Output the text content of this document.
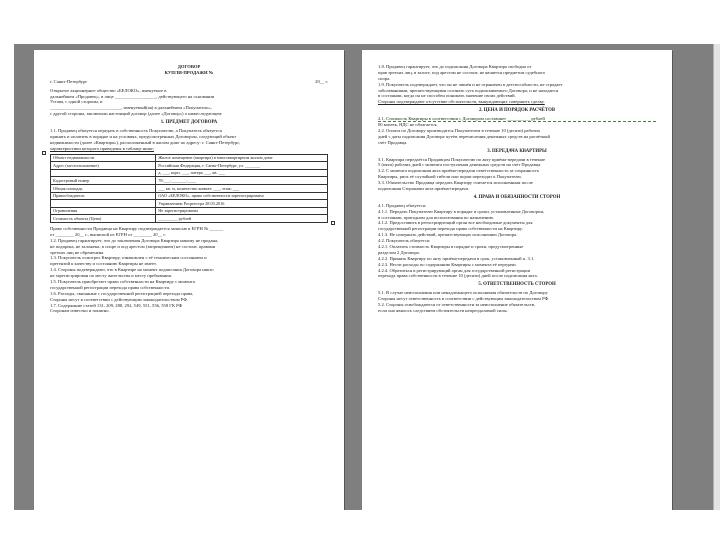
ДОГОВОР
КУПЛИ-ПРОДАЖИ №
г. Санкт-Петербург	20__ г.
Открытое акционерное общество «БЕЛОКО», именуемое в
дальнейшем «Продавец», в лице __________________, действующего на основании
Устава, с одной стороны, и
_______________________________, именуемый(ая) в дальнейшем «Покупатель»,
с другой стороны, заключили настоящий договор (далее «Договор») о нижеследующем:
1. ПРЕДМЕТ ДОГОВОРА
1.1. Продавец обязуется передать в собственность Покупателю, а Покупатель обязуется
принять и оплатить в порядке и на условиях, предусмотренных Договором, следующий объект
недвижимости (далее «Квартира»), расположенный в жилом доме по адресу: г. Санкт-Петербург,
характеристики которого приведены в таблице ниже:
Объект недвижимости	Жилое помещение (квартира) в многоквартирном жилом доме
Адрес (местоположение)	Российская Федерация, г. Санкт-Петербург, ул. _______
	д. ___, корп. ___, литера ___, кв. ___
Кадастровый номер	78:___:_______:____
Общая площадь	___ кв. м, количество комнат: ___, этаж: ___
Правообладатель	ОАО «БЕЛОКО», право собственности зарегистрировано
	Управлением Росреестра 28.03.2016
Ограничения	Не зарегистрированы
Стоимость объекта (Цена)	_________ рублей
Право собственности Продавца на Квартиру подтверждается записью в ЕГРН № ______
от ________ 20__ г., выпиской из ЕГРН от ________ 20__ г.
1.2. Продавец гарантирует, что до заключения Договора Квартира никому не продана,
не подарена, не заложена, в споре и под арестом (запрещением) не состоит, правами
третьих лиц не обременена.
1.3. Покупатель осмотрел Квартиру, ознакомлен с её техническим состоянием и
претензий к качеству и состоянию Квартиры не имеет.
1.4. Стороны подтверждают, что в Квартире на момент подписания Договора никто
не зарегистрирован по месту жительства и месту пребывания.
1.5. Покупатель приобретает право собственности на Квартиру с момента
государственной регистрации перехода права собственности.
1.6. Расходы, связанные с государственной регистрацией перехода права,
Стороны несут в соответствии с действующим законодательством РФ.
1.7. Содержание статей 131, 209, 288, 292, 549, 551, 556, 558 ГК РФ
Сторонам известно и понятно.
1.8. Продавец гарантирует, что до подписания Договора Квартира свободна от
прав третьих лиц, в залоге, под арестом не состоит, не является предметом судебного
спора.
1.9. Покупатель подтверждает, что он не лишён и не ограничен в дееспособности, не страдает
заболеваниями, препятствующими осознать суть подписываемого Договора, и не находится
в состоянии, когда он не способен понимать значение своих действий.
Стороны подтверждают отсутствие обстоятельств, вынуждающих совершить сделку.
2. ЦЕНА И ПОРЯДОК РАСЧЁТОВ
2.1. Стоимость Квартиры в соответствии с Договором составляет __________ рублей
00 копеек, НДС не облагается.
2.2. Оплата по Договору производится Покупателем в течение 10 (десяти) рабочих
дней с даты подписания Договора путём перечисления денежных средств на расчётный
счёт Продавца.
3. ПЕРЕДАЧА КВАРТИРЫ
3.1. Квартира передаётся Продавцом Покупателю по акту приёма-передачи в течение
5 (пяти) рабочих дней с момента поступления денежных средств на счёт Продавца.
3.2. С момента подписания акта приёма-передачи ответственность за сохранность
Квартиры, риск её случайной гибели или порчи переходят к Покупателю.
3.3. Обязательство Продавца передать Квартиру считается исполненным после
подписания Сторонами акта приёма-передачи.
4. ПРАВА И ОБЯЗАННОСТИ СТОРОН
4.1. Продавец обязуется:
4.1.1. Передать Покупателю Квартиру в порядке и сроки, установленные Договором,
в состоянии, пригодном для использования по назначению.
4.1.2. Предоставить в регистрирующий орган все необходимые документы для
государственной регистрации перехода права собственности на Квартиру.
4.1.3. Не совершать действий, препятствующих исполнению Договора.
4.2. Покупатель обязуется:
4.2.1. Оплатить стоимость Квартиры в порядке и сроки, предусмотренные
разделом 2 Договора.
4.2.2. Принять Квартиру по акту приёма-передачи в срок, установленный п. 3.1.
4.2.3. Нести расходы по содержанию Квартиры с момента её передачи.
4.2.4. Обратиться в регистрирующий орган для государственной регистрации
перехода права собственности в течение 10 (десяти) дней после подписания акта.
5. ОТВЕТСТВЕННОСТЬ СТОРОН
5.1. В случае неисполнения или ненадлежащего исполнения обязательств по Договору
Стороны несут ответственность в соответствии с действующим законодательством РФ.
5.2. Стороны освобождаются от ответственности за неисполнение обязательств,
если оно явилось следствием обстоятельств непреодолимой силы.
